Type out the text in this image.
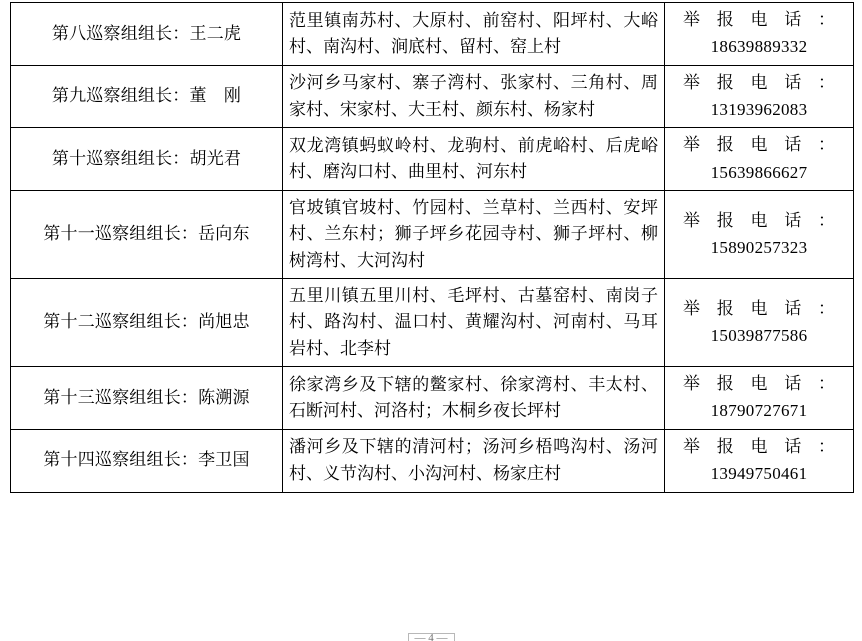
第八巡察组组长：王二虎	范里镇南苏村、大原村、前窑村、阳坪村、大峪村、南沟村、涧底村、留村、窑上村	举报电话：
18639889332

第九巡察组组长：董　刚	沙河乡马家村、寨子湾村、张家村、三角村、周家村、宋家村、大王村、颜东村、杨家村	举报电话：
13193962083

第十巡察组组长：胡光君	双龙湾镇蚂蚁岭村、龙驹村、前虎峪村、后虎峪村、磨沟口村、曲里村、河东村	举报电话：
15639866627

第十一巡察组组长：岳向东	官坡镇官坡村、竹园村、兰草村、兰西村、安坪村、兰东村；狮子坪乡花园寺村、狮子坪村、柳树湾村、大河沟村	举报电话：
15890257323

第十二巡察组组长：尚旭忠	五里川镇五里川村、毛坪村、古墓窑村、南岗子村、路沟村、温口村、黄耀沟村、河南村、马耳岩村、北李村	举报电话：
15039877586

第十三巡察组组长：陈溯源	徐家湾乡及下辖的鳖家村、徐家湾村、丰太村、石断河村、河洛村；木桐乡夜长坪村	举报电话：
18790727671

第十四巡察组组长：李卫国	潘河乡及下辖的清河村；汤河乡梧鸣沟村、汤河村、义节沟村、小沟河村、杨家庄村	举报电话：
13949750461
— 4 —
